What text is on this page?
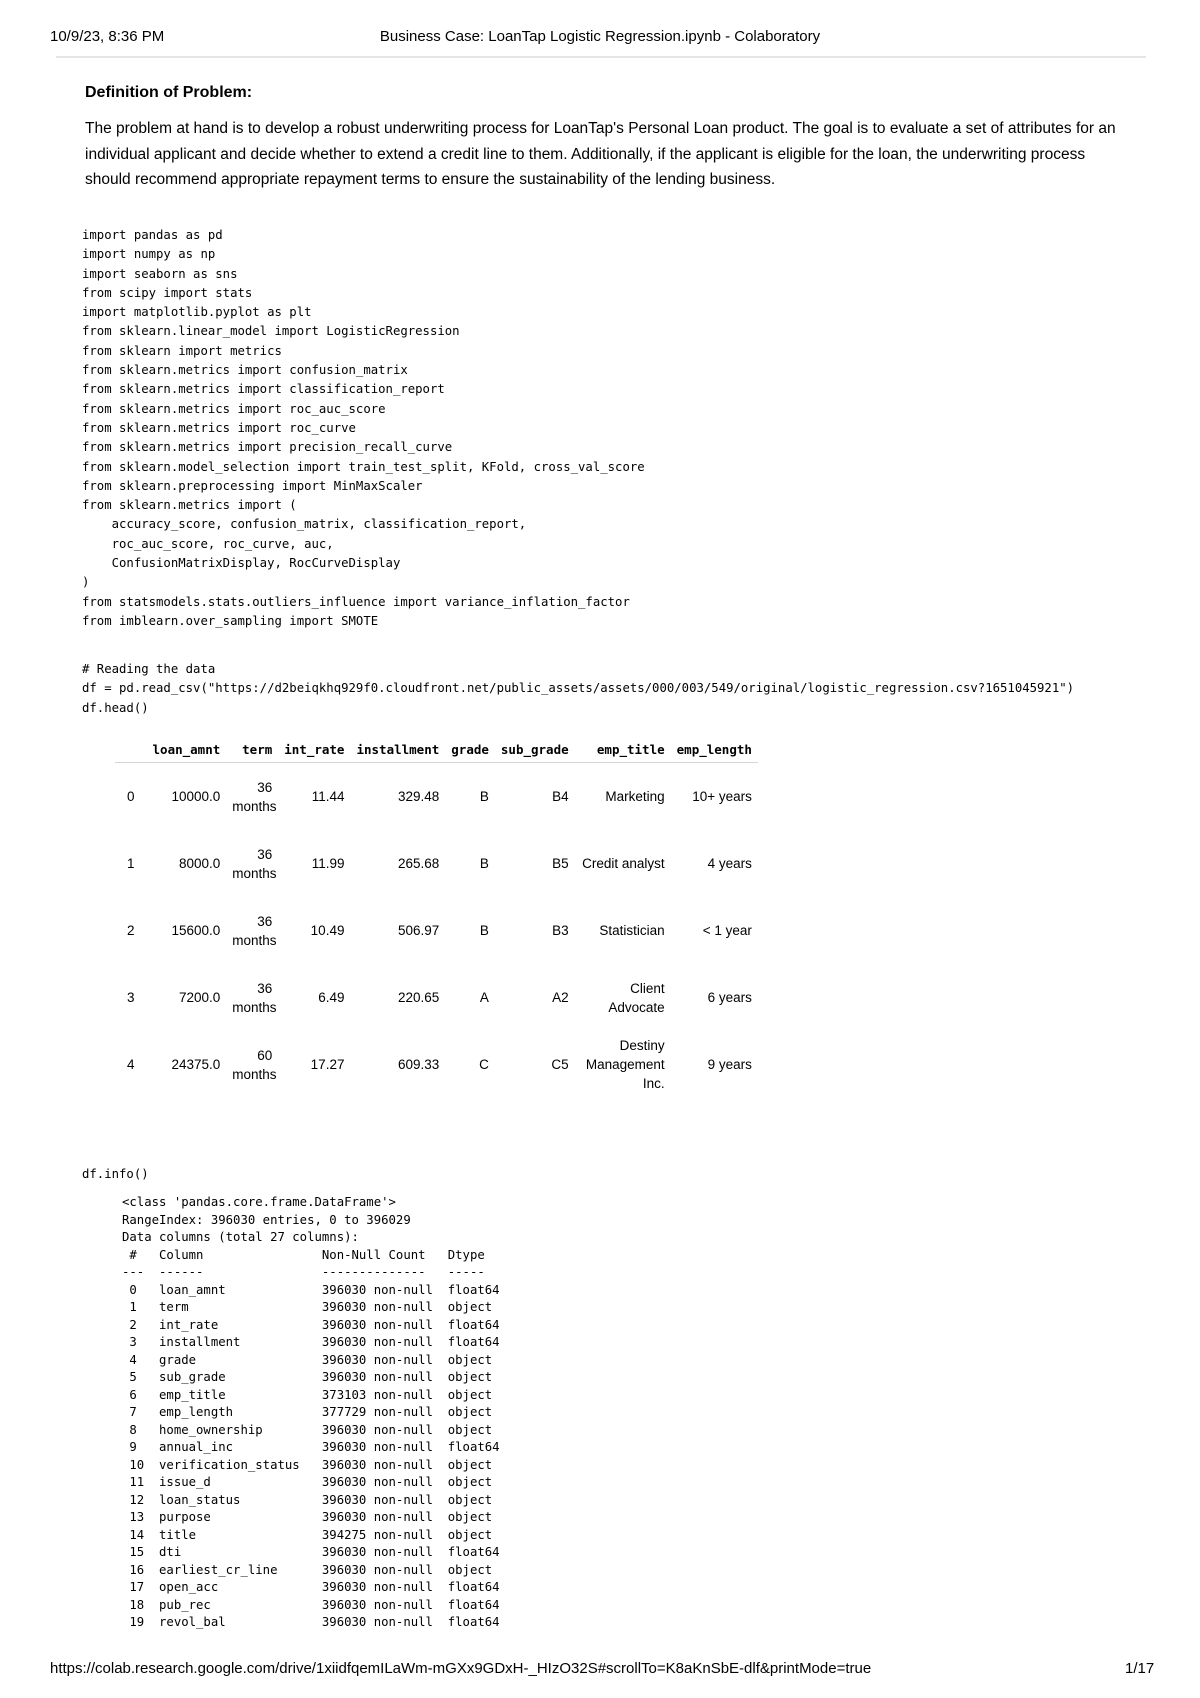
10/9/23, 8:36 PM	Business Case: LoanTap Logistic Regression.ipynb - Colaboratory
Definition of Problem:
The problem at hand is to develop a robust underwriting process for LoanTap's Personal Loan product. The goal is to evaluate a set of attributes for an individual applicant and decide whether to extend a credit line to them. Additionally, if the applicant is eligible for the loan, the underwriting process should recommend appropriate repayment terms to ensure the sustainability of the lending business.
import pandas as pd
import numpy as np
import seaborn as sns
from scipy import stats
import matplotlib.pyplot as plt
from sklearn.linear_model import LogisticRegression
from sklearn import metrics
from sklearn.metrics import confusion_matrix
from sklearn.metrics import classification_report
from sklearn.metrics import roc_auc_score
from sklearn.metrics import roc_curve
from sklearn.metrics import precision_recall_curve
from sklearn.model_selection import train_test_split, KFold, cross_val_score
from sklearn.preprocessing import MinMaxScaler
from sklearn.metrics import (
accuracy_score, confusion_matrix, classification_report,
roc_auc_score, roc_curve, auc,
ConfusionMatrixDisplay, RocCurveDisplay
)
from statsmodels.stats.outliers_influence import variance_inflation_factor
from imblearn.over_sampling import SMOTE
# Reading the data
df = pd.read_csv("https://d2beiqkhq929f0.cloudfront.net/public_assets/assets/000/003/549/original/logistic_regression.csv?1651045921")
df.head()
	loan_amnt	term	int_rate	installment	grade	sub_grade	emp_title	emp_length
0	10000.0	36 months	11.44	329.48	B	B4	Marketing	10+ years
1	8000.0	36 months	11.99	265.68	B	B5	Credit analyst	4 years
2	15600.0	36 months	10.49	506.97	B	B3	Statistician	< 1 year
3	7200.0	36 months	6.49	220.65	A	A2	Client Advocate	6 years
4	24375.0	60 months	17.27	609.33	C	C5	Destiny Management Inc.	9 years
df.info()
<class 'pandas.core.frame.DataFrame'>
RangeIndex: 396030 entries, 0 to 396029
Data columns (total 27 columns):
#   Column                Non-Null Count   Dtype
---  ------                --------------   -----
0   loan_amnt             396030 non-null  float64
1   term                  396030 non-null  object
2   int_rate              396030 non-null  float64
3   installment           396030 non-null  float64
4   grade                 396030 non-null  object
5   sub_grade             396030 non-null  object
6   emp_title             373103 non-null  object
7   emp_length            377729 non-null  object
8   home_ownership        396030 non-null  object
9   annual_inc            396030 non-null  float64
10  verification_status   396030 non-null  object
11  issue_d               396030 non-null  object
12  loan_status           396030 non-null  object
13  purpose               396030 non-null  object
14  title                 394275 non-null  object
15  dti                   396030 non-null  float64
16  earliest_cr_line      396030 non-null  object
17  open_acc              396030 non-null  float64
18  pub_rec               396030 non-null  float64
19  revol_bal             396030 non-null  float64
https://colab.research.google.com/drive/1xiidfqemILaWm-mGXx9GDxH-_HIzO32S#scrollTo=K8aKnSbE-dlf&printMode=true	1/17
